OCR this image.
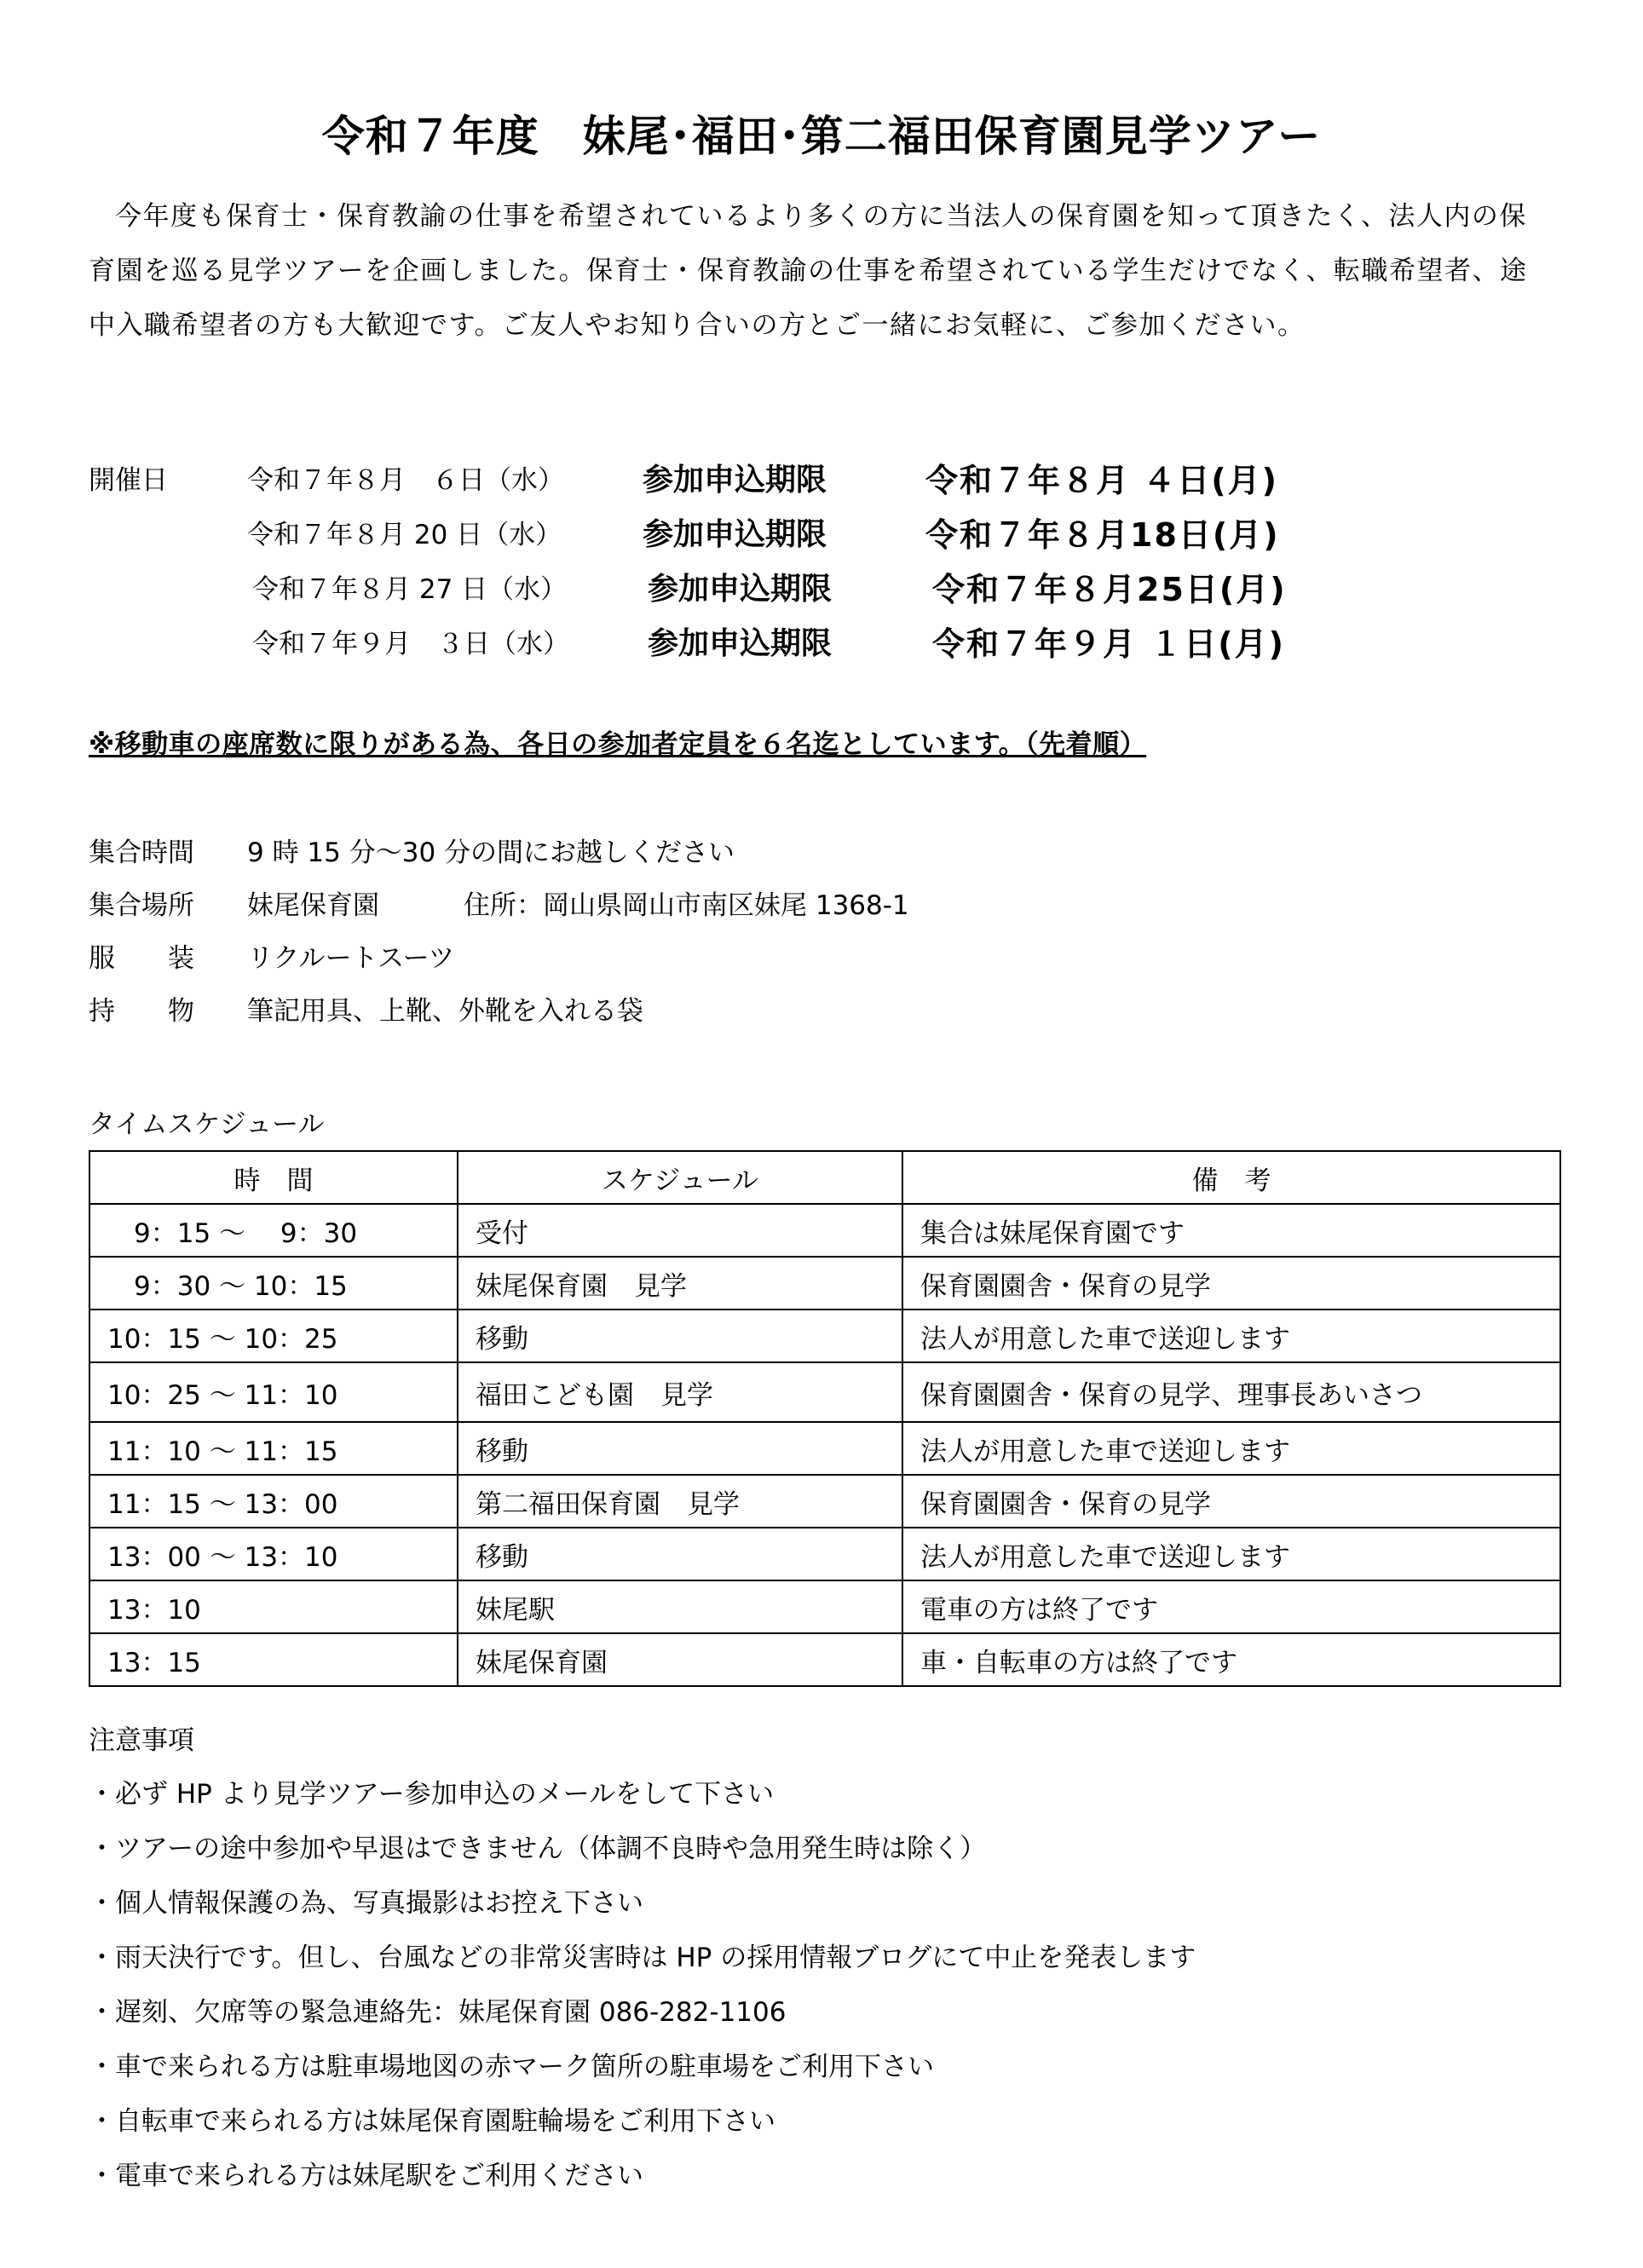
令和７年度　妹尾･福田･第二福田保育園見学ツアー
今年度も保育士・保育教諭の仕事を希望されているより多くの方に当法人の保育園を知って頂きたく、法人内の保育園を巡る見学ツアーを企画しました。保育士・保育教諭の仕事を希望されている学生だけでなく、転職希望者、途中入職希望者の方も大歓迎です。ご友人やお知り合いの方とご一緒にお気軽に、ご参加ください。
開催日	令和７年８月　６日（水）	参加申込期限	令和７年８月 ４日(月)
令和７年８月 20 日（水）	参加申込期限	令和７年８月18日(月)
令和７年８月 27 日（水）	参加申込期限	令和７年８月25日(月)
令和７年９月　３日（水）	参加申込期限	令和７年９月 １日(月)
※移動車の座席数に限りがある為、各日の参加者定員を６名迄としています。（先着順）
集合時間	9 時 15 分～30 分の間にお越しください
集合場所	妹尾保育園	住所：岡山県岡山市南区妹尾 1368-1
服　　装	リクルートスーツ
持　　物	筆記用具、上靴、外靴を入れる袋
タイムスケジュール
時　間	スケジュール	備　考
　9：15 ～　 9：30	受付	集合は妹尾保育園です
　9：30 ～ 10：15	妹尾保育園　見学	保育園園舎・保育の見学
10：15 ～ 10：25	移動	法人が用意した車で送迎します
10：25 ～ 11：10	福田こども園　見学	保育園園舎・保育の見学、理事長あいさつ
11：10 ～ 11：15	移動	法人が用意した車で送迎します
11：15 ～ 13：00	第二福田保育園　見学	保育園園舎・保育の見学
13：00 ～ 13：10	移動	法人が用意した車で送迎します
13：10	妹尾駅	電車の方は終了です
13：15	妹尾保育園	車・自転車の方は終了です
注意事項
・必ず HP より見学ツアー参加申込のメールをして下さい
・ツアーの途中参加や早退はできません（体調不良時や急用発生時は除く）
・個人情報保護の為、写真撮影はお控え下さい
・雨天決行です。但し、台風などの非常災害時は HP の採用情報ブログにて中止を発表します
・遅刻、欠席等の緊急連絡先：妹尾保育園 086-282-1106
・車で来られる方は駐車場地図の赤マーク箇所の駐車場をご利用下さい
・自転車で来られる方は妹尾保育園駐輪場をご利用下さい
・電車で来られる方は妹尾駅をご利用ください
